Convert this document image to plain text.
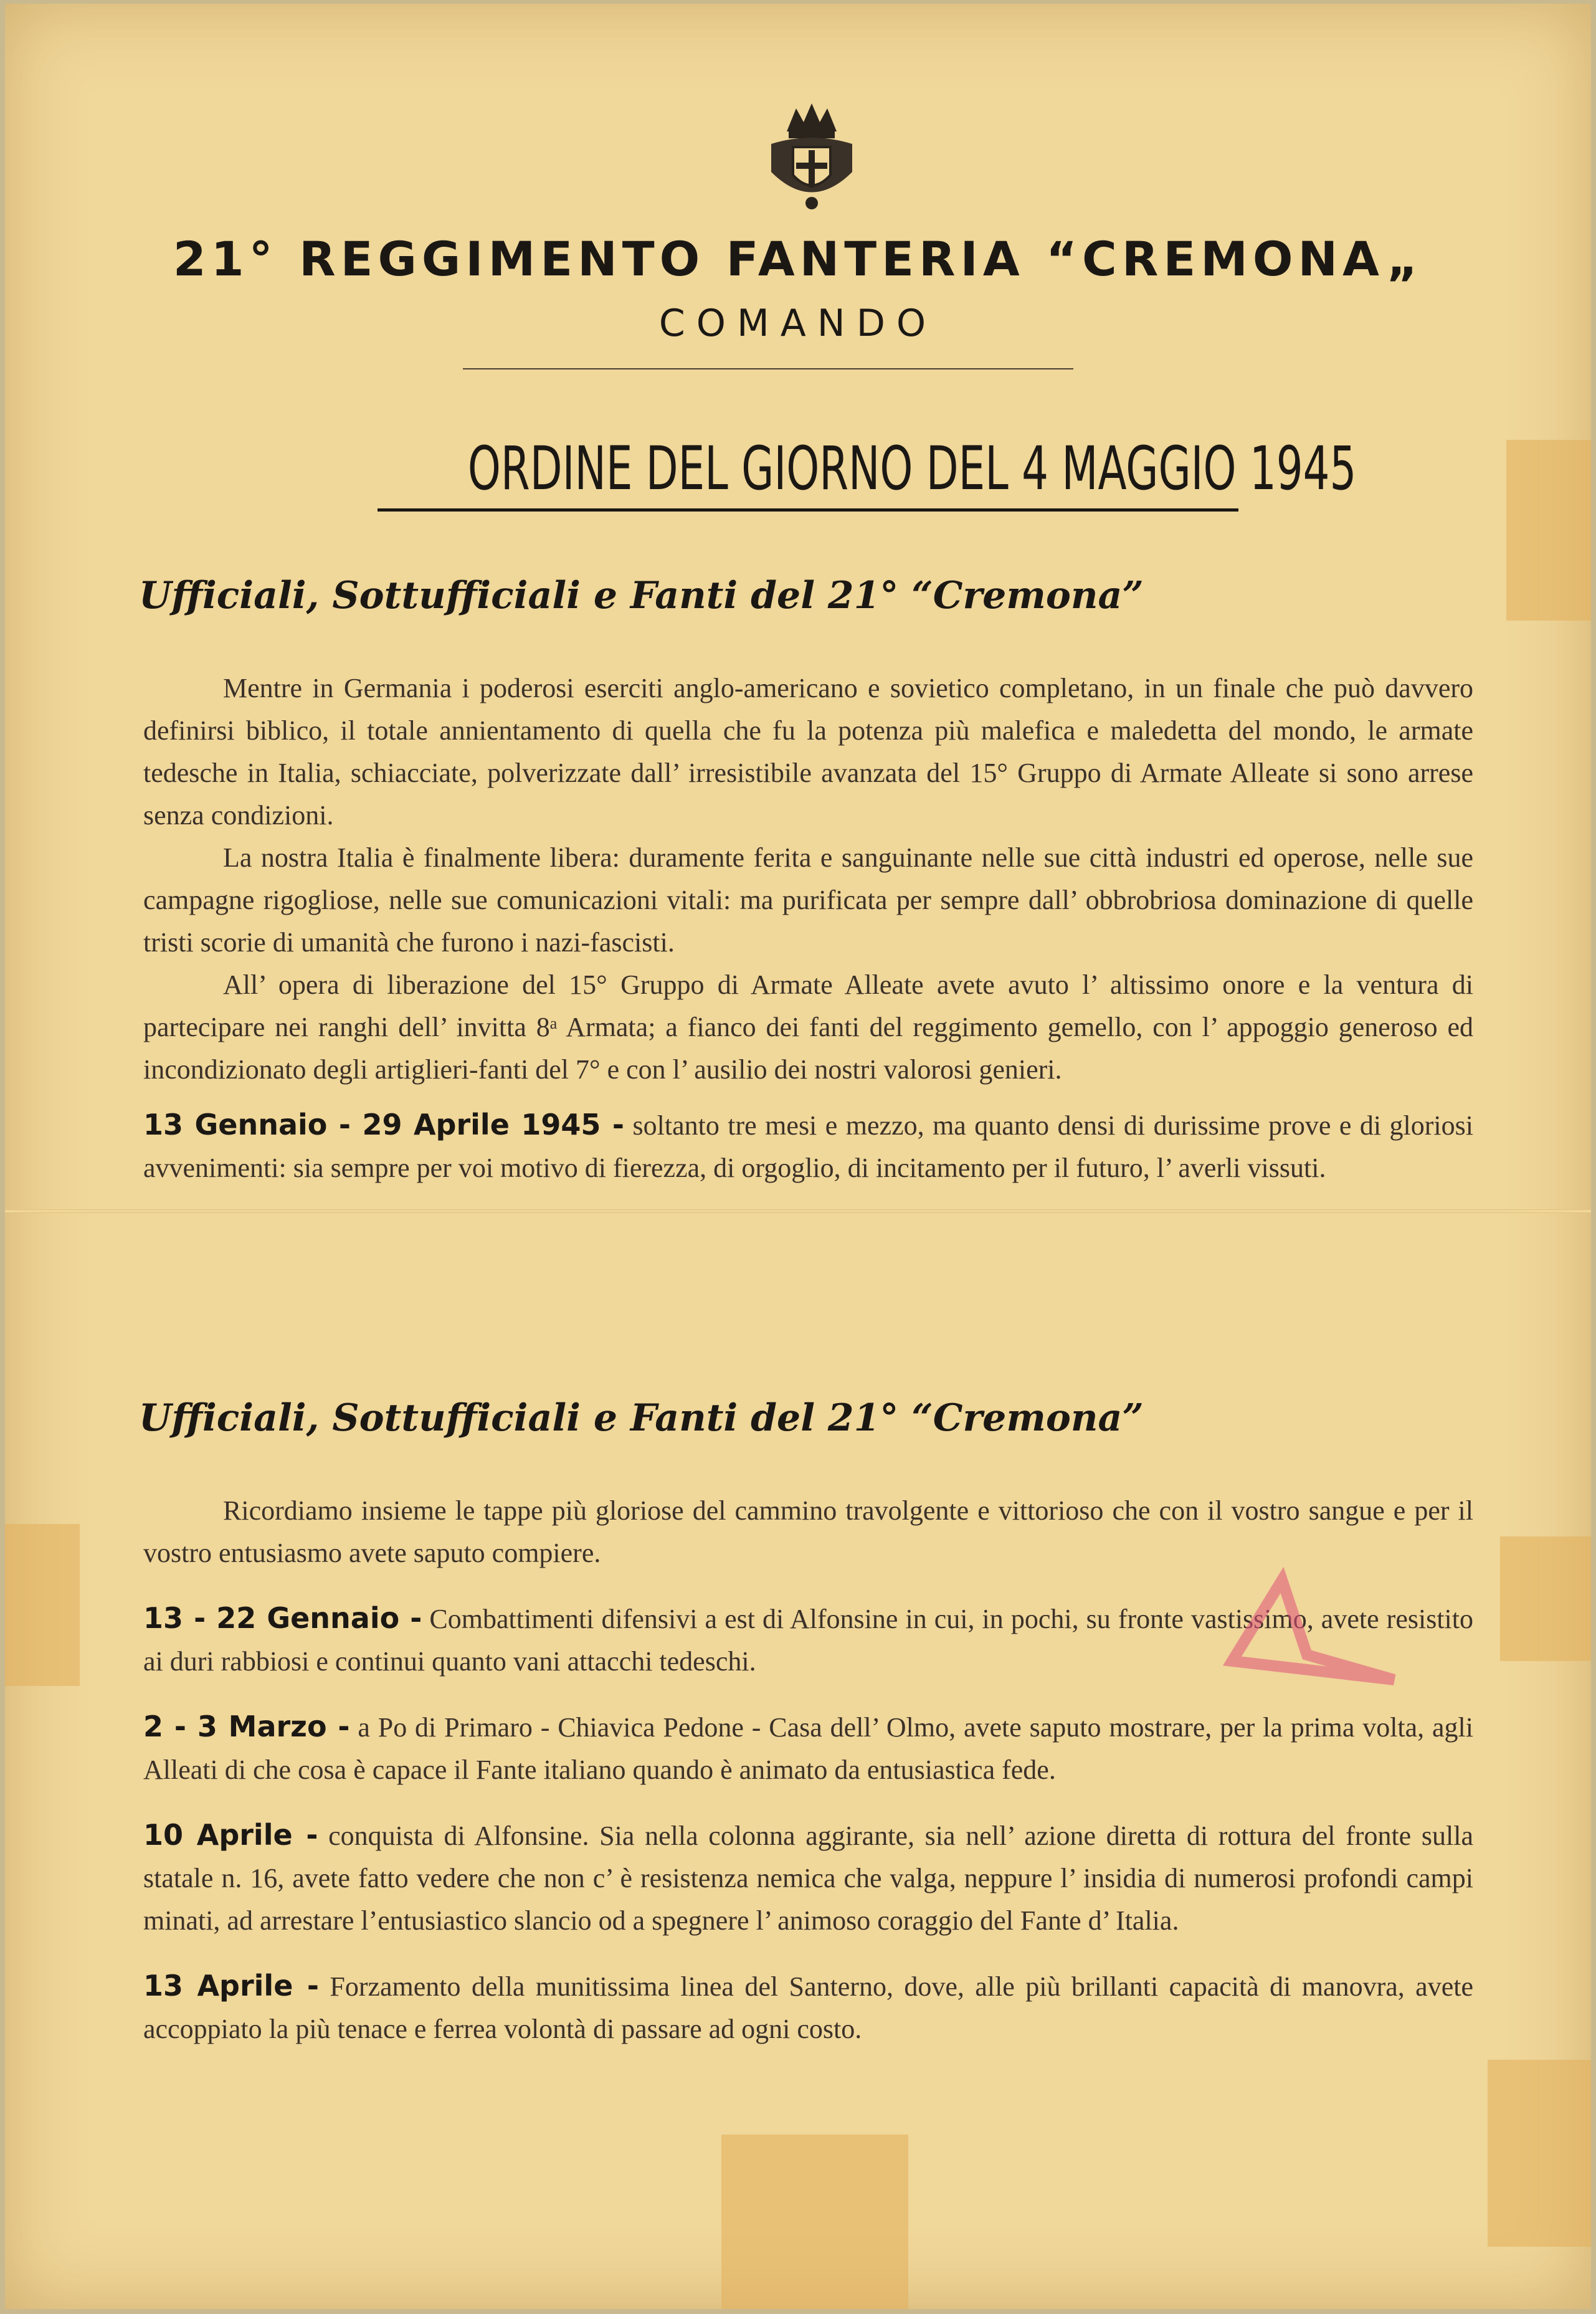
21° REGGIMENTO FANTERIA “CREMONA„
COMANDO
ORDINE DEL GIORNO DEL 4 MAGGIO 1945
Ufficiali, Sottufficiali e Fanti del 21° “Cremona”

Mentre in Germania i poderosi eserciti anglo-americano e sovietico completano, in un finale che può davvero definirsi biblico, il totale annientamento di quella che fu la potenza più malefica e maledetta del mondo, le armate tedesche in Italia, schiacciate, polverizzate dall’ irresistibile avanzata del 15° Gruppo di Armate Alleate si sono arrese senza condizioni.

La nostra Italia è finalmente libera: duramente ferita e sanguinante nelle sue città industri ed operose, nelle sue campagne rigogliose, nelle sue comunicazioni vitali: ma purificata per sempre dall’ obbrobriosa dominazione di quelle tristi scorie di umanità che furono i nazi-fascisti.

All’ opera di liberazione del 15° Gruppo di Armate Alleate avete avuto l’ altissimo onore e la ventura di partecipare nei ranghi dell’ invitta 8ᵃ Armata; a fianco dei fanti del reggimento gemello, con l’ appoggio generoso ed incondizionato degli artiglieri-fanti del 7° e con l’ ausilio dei nostri valorosi genieri.

13 Gennaio - 29 Aprile 1945 - soltanto tre mesi e mezzo, ma quanto densi di durissime prove e di gloriosi avvenimenti: sia sempre per voi motivo di fierezza, di orgoglio, di incitamento per il futuro, l’ averli vissuti.

Ufficiali, Sottufficiali e Fanti del 21° “Cremona”

Ricordiamo insieme le tappe più gloriose del cammino travolgente e vittorioso che con il vostro sangue e per il vostro entusiasmo avete saputo compiere.

13 - 22 Gennaio - Combattimenti difensivi a est di Alfonsine in cui, in pochi, su fronte vastissimo, avete resistito ai duri rabbiosi e continui quanto vani attacchi tedeschi.

2 - 3 Marzo - a Po di Primaro - Chiavica Pedone - Casa dell’ Olmo, avete saputo mostrare, per la prima volta, agli Alleati di che cosa è capace il Fante italiano quando è animato da entusiastica fede.

10 Aprile - conquista di Alfonsine. Sia nella colonna aggirante, sia nell’ azione diretta di rottura del fronte sulla statale n. 16, avete fatto vedere che non c’ è resistenza nemica che valga, neppure l’ insidia di numerosi profondi campi minati, ad arrestare l’entusiastico slancio od a spegnere l’ animoso coraggio del Fante d’ Italia.

13 Aprile - Forzamento della munitissima linea del Santerno, dove, alle più brillanti capacità di manovra, avete accoppiato la più tenace e ferrea volontà di passare ad ogni costo.
